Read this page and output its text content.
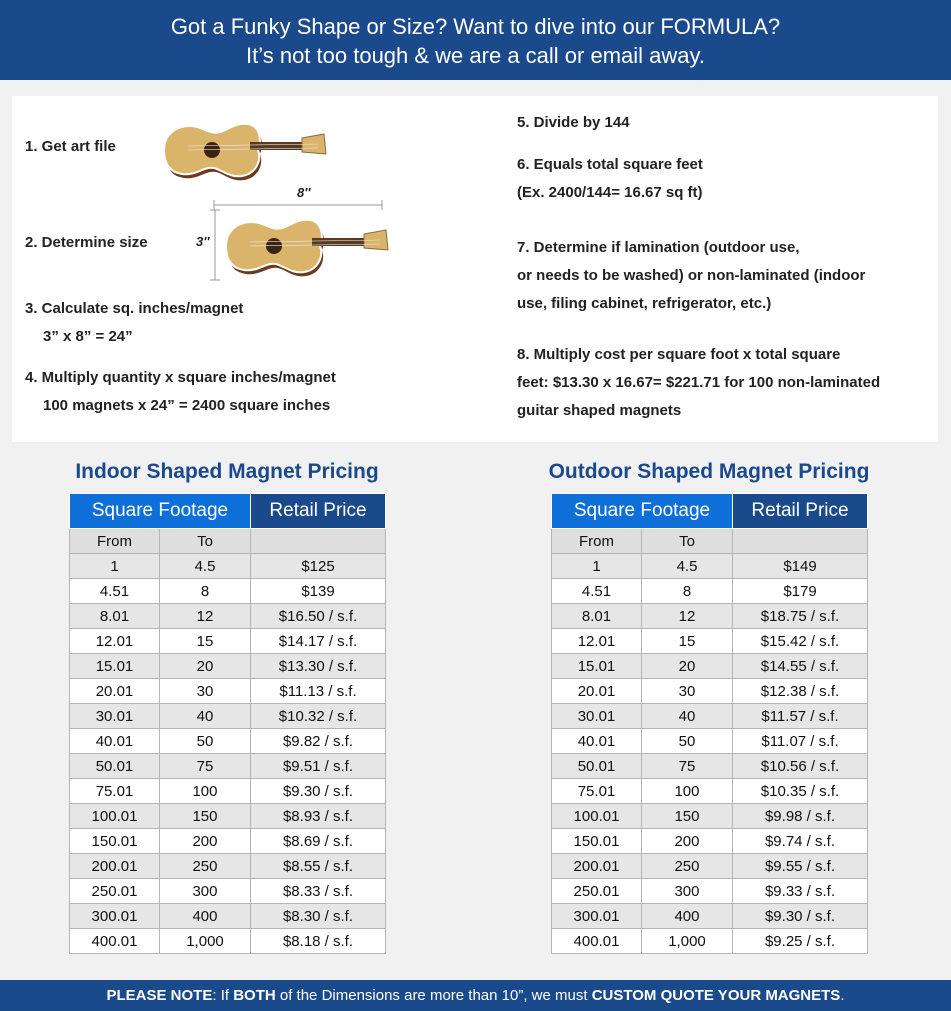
Got a Funky Shape or Size? Want to dive into our FORMULA?
It’s not too tough & we are a call or email away.

1. Get art file

2. Determine size

8″
3″

3. Calculate sq. inches/magnet

3” x 8” = 24”

4. Multiply quantity x square inches/magnet

100 magnets x 24” = 2400 square inches

5. Divide by 144

6. Equals total square feet

(Ex. 2400/144= 16.67 sq ft)

7. Determine if lamination (outdoor use,

or needs to be washed) or non-laminated (indoor

use, filing cabinet, refrigerator, etc.)

8. Multiply cost per square foot x total square

feet: $13.30 x 16.67= $221.71 for 100 non-laminated

guitar shaped magnets

Indoor Shaped Magnet Pricing
Square Footage		Retail Price
From	To	
1	4.5	$125
4.51	8	$139
8.01	12	$16.50 / s.f.
12.01	15	$14.17 / s.f.
15.01	20	$13.30 / s.f.
20.01	30	$11.13 / s.f.
30.01	40	$10.32 / s.f.
40.01	50	$9.82 / s.f.
50.01	75	$9.51 / s.f.
75.01	100	$9.30 / s.f.
100.01	150	$8.93 / s.f.
150.01	200	$8.69 / s.f.
200.01	250	$8.55 / s.f.
250.01	300	$8.33 / s.f.
300.01	400	$8.30 / s.f.
400.01	1,000	$8.18 / s.f.
Outdoor Shaped Magnet Pricing
Square Footage		Retail Price
From	To	
1	4.5	$149
4.51	8	$179
8.01	12	$18.75 / s.f.
12.01	15	$15.42 / s.f.
15.01	20	$14.55 / s.f.
20.01	30	$12.38 / s.f.
30.01	40	$11.57 / s.f.
40.01	50	$11.07 / s.f.
50.01	75	$10.56 / s.f.
75.01	100	$10.35 / s.f.
100.01	150	$9.98 / s.f.
150.01	200	$9.74 / s.f.
200.01	250	$9.55 / s.f.
250.01	300	$9.33 / s.f.
300.01	400	$9.30 / s.f.
400.01	1,000	$9.25 / s.f.
PLEASE NOTE: If BOTH of the Dimensions are more than 10”, we must CUSTOM QUOTE YOUR MAGNETS.
